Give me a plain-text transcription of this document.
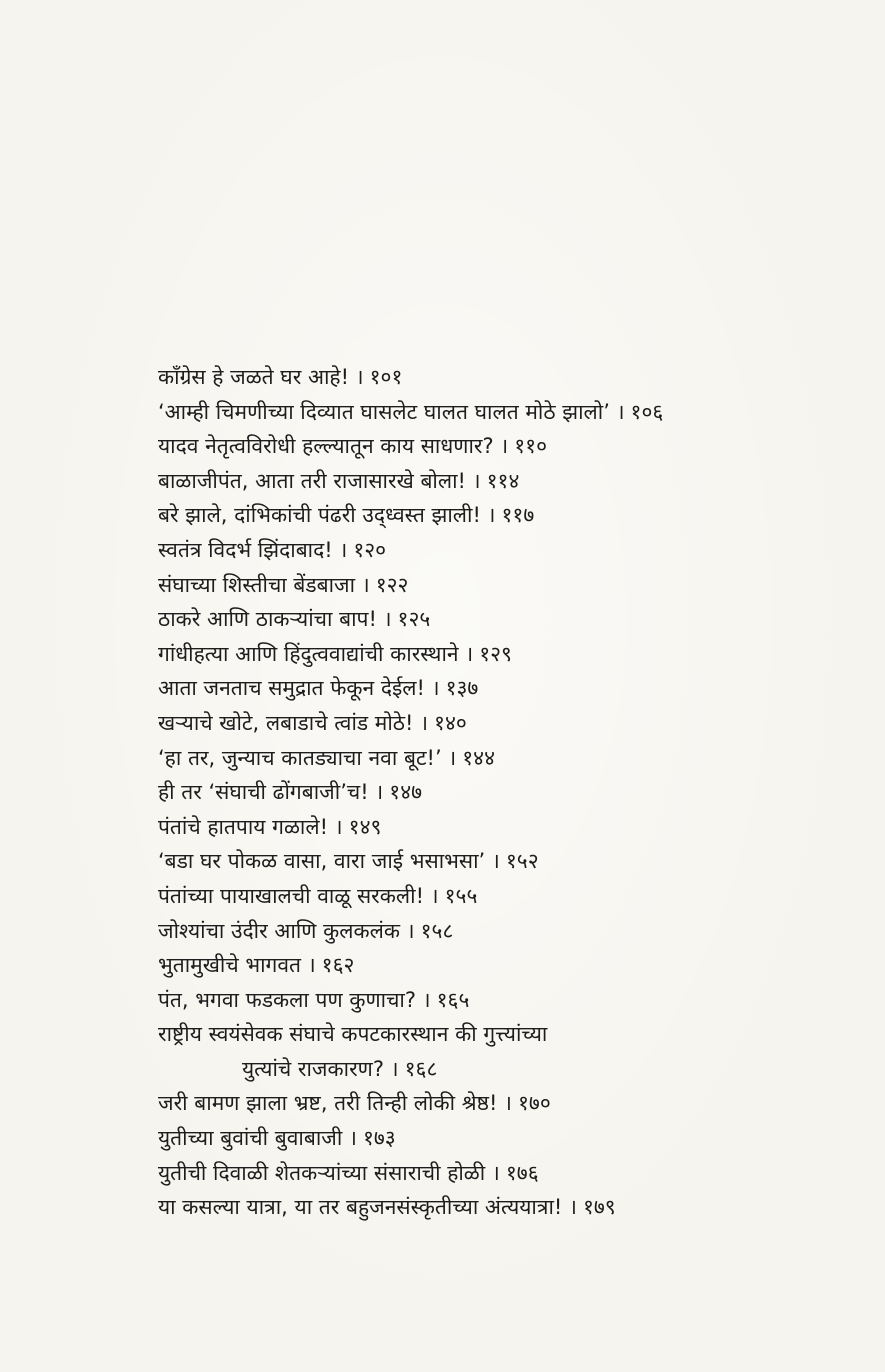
काँग्रेस हे जळते घर आहे! । १०१
‘आम्ही चिमणीच्या दिव्यात घासलेट घालत घालत मोठे झालो’ । १०६
यादव नेतृत्वविरोधी हल्ल्यातून काय साधणार? । ११०
बाळाजीपंत, आता तरी राजासारखे बोला! । ११४
बरे झाले, दांभिकांची पंढरी उद्‌ध्वस्त झाली! । ११७
स्वतंत्र विदर्भ झिंदाबाद! । १२०
संघाच्या शिस्तीचा बेंडबाजा । १२२
ठाकरे आणि ठाकऱ्यांचा बाप! । १२५
गांधीहत्या आणि हिंदुत्ववाद्यांची कारस्थाने । १२९
आता जनताच समुद्रात फेकून देईल! । १३७
खऱ्याचे खोटे, लबाडाचे त्वांड मोठे! । १४०
‘हा तर, जुन्याच कातड्याचा नवा बूट!’ । १४४
ही तर ‘संघाची ढोंगबाजी’च! । १४७
पंतांचे हातपाय गळाले! । १४९
‘बडा घर पोकळ वासा, वारा जाई भसाभसा’ । १५२
पंतांच्या पायाखालची वाळू सरकली! । १५५
जोश्यांचा उंदीर आणि कुलकलंक । १५८
भुतामुखीचे भागवत । १६२
पंत, भगवा फडकला पण कुणाचा? । १६५
राष्ट्रीय स्वयंसेवक संघाचे कपटकारस्थान की गुत्त्यांच्या
युत्यांचे राजकारण? । १६८
जरी बामण झाला भ्रष्ट, तरी तिन्ही लोकी श्रेष्ठ! । १७०
युतीच्या बुवांची बुवाबाजी । १७३
युतीची दिवाळी शेतकऱ्यांच्या संसाराची होळी । १७६
या कसल्या यात्रा, या तर बहुजनसंस्कृतीच्या अंत्ययात्रा! । १७९
